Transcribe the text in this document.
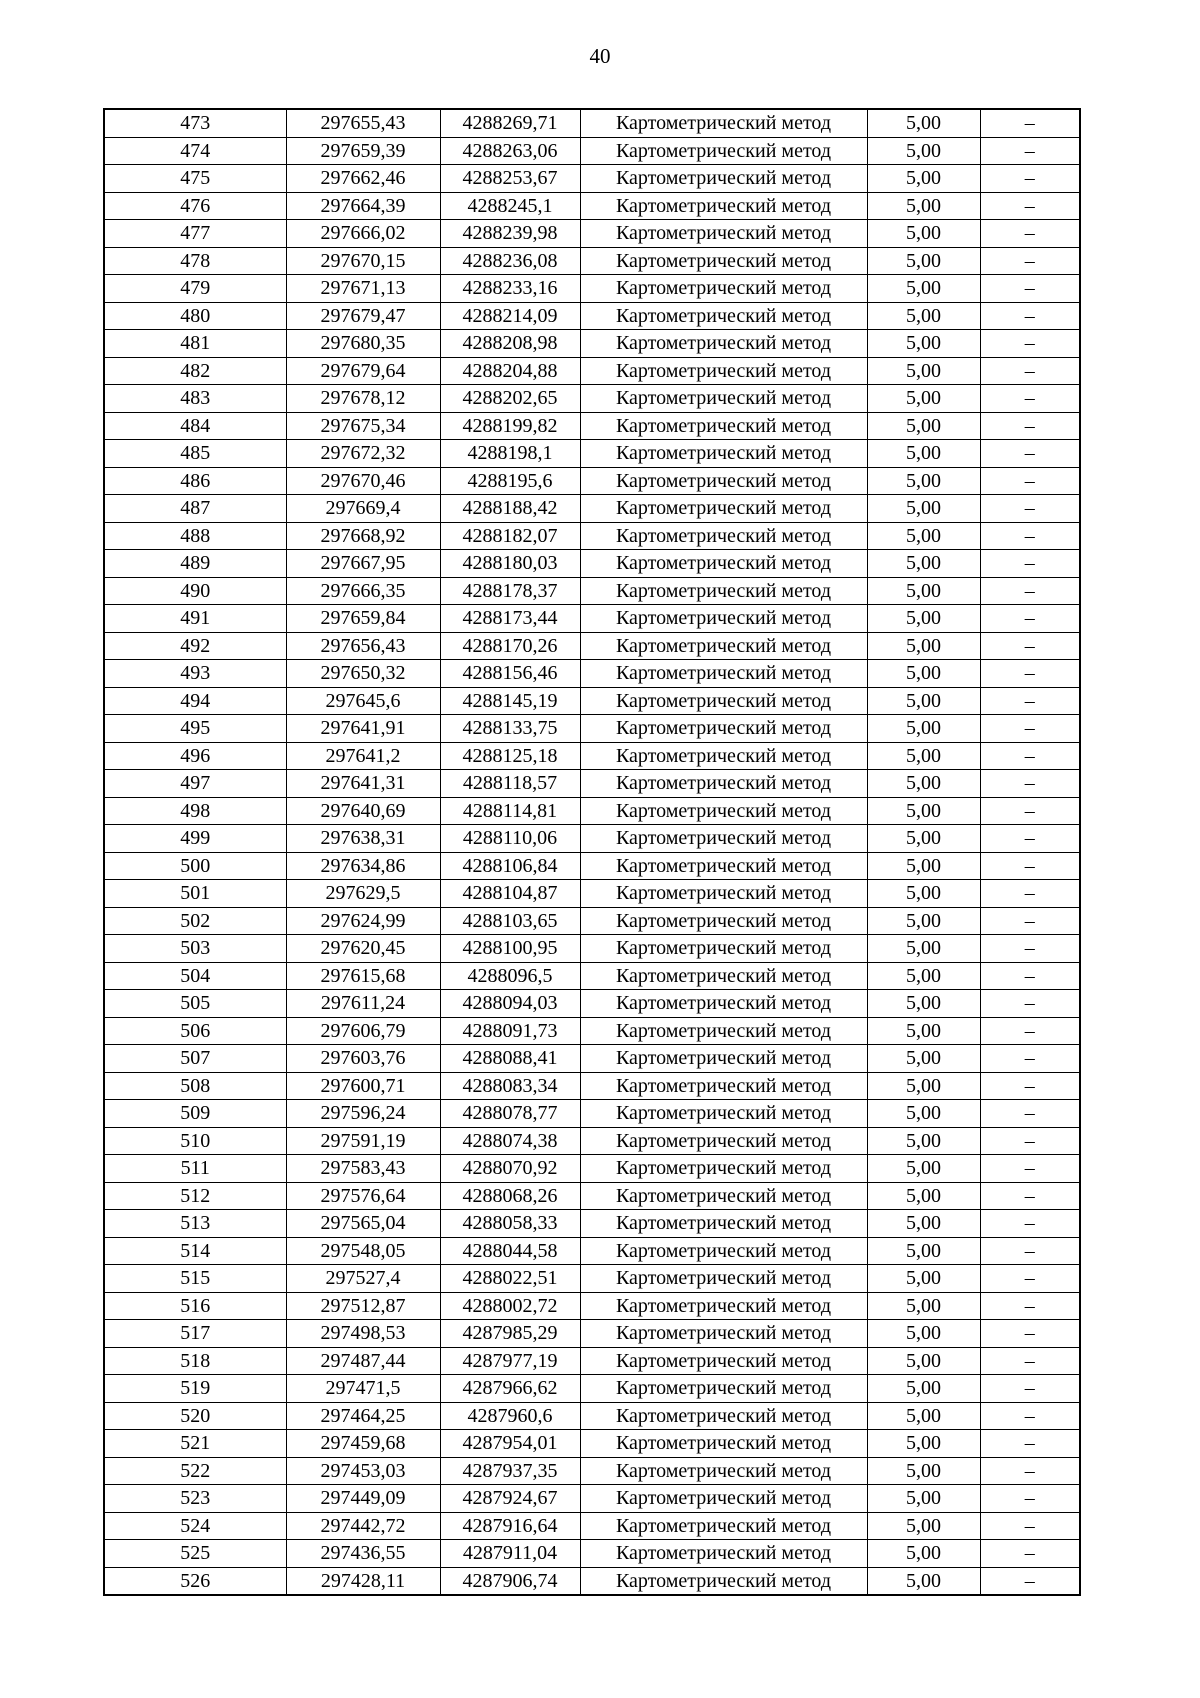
40
473	297655,43	4288269,71	Картометрический метод	5,00	–
474	297659,39	4288263,06	Картометрический метод	5,00	–
475	297662,46	4288253,67	Картометрический метод	5,00	–
476	297664,39	4288245,1	Картометрический метод	5,00	–
477	297666,02	4288239,98	Картометрический метод	5,00	–
478	297670,15	4288236,08	Картометрический метод	5,00	–
479	297671,13	4288233,16	Картометрический метод	5,00	–
480	297679,47	4288214,09	Картометрический метод	5,00	–
481	297680,35	4288208,98	Картометрический метод	5,00	–
482	297679,64	4288204,88	Картометрический метод	5,00	–
483	297678,12	4288202,65	Картометрический метод	5,00	–
484	297675,34	4288199,82	Картометрический метод	5,00	–
485	297672,32	4288198,1	Картометрический метод	5,00	–
486	297670,46	4288195,6	Картометрический метод	5,00	–
487	297669,4	4288188,42	Картометрический метод	5,00	–
488	297668,92	4288182,07	Картометрический метод	5,00	–
489	297667,95	4288180,03	Картометрический метод	5,00	–
490	297666,35	4288178,37	Картометрический метод	5,00	–
491	297659,84	4288173,44	Картометрический метод	5,00	–
492	297656,43	4288170,26	Картометрический метод	5,00	–
493	297650,32	4288156,46	Картометрический метод	5,00	–
494	297645,6	4288145,19	Картометрический метод	5,00	–
495	297641,91	4288133,75	Картометрический метод	5,00	–
496	297641,2	4288125,18	Картометрический метод	5,00	–
497	297641,31	4288118,57	Картометрический метод	5,00	–
498	297640,69	4288114,81	Картометрический метод	5,00	–
499	297638,31	4288110,06	Картометрический метод	5,00	–
500	297634,86	4288106,84	Картометрический метод	5,00	–
501	297629,5	4288104,87	Картометрический метод	5,00	–
502	297624,99	4288103,65	Картометрический метод	5,00	–
503	297620,45	4288100,95	Картометрический метод	5,00	–
504	297615,68	4288096,5	Картометрический метод	5,00	–
505	297611,24	4288094,03	Картометрический метод	5,00	–
506	297606,79	4288091,73	Картометрический метод	5,00	–
507	297603,76	4288088,41	Картометрический метод	5,00	–
508	297600,71	4288083,34	Картометрический метод	5,00	–
509	297596,24	4288078,77	Картометрический метод	5,00	–
510	297591,19	4288074,38	Картометрический метод	5,00	–
511	297583,43	4288070,92	Картометрический метод	5,00	–
512	297576,64	4288068,26	Картометрический метод	5,00	–
513	297565,04	4288058,33	Картометрический метод	5,00	–
514	297548,05	4288044,58	Картометрический метод	5,00	–
515	297527,4	4288022,51	Картометрический метод	5,00	–
516	297512,87	4288002,72	Картометрический метод	5,00	–
517	297498,53	4287985,29	Картометрический метод	5,00	–
518	297487,44	4287977,19	Картометрический метод	5,00	–
519	297471,5	4287966,62	Картометрический метод	5,00	–
520	297464,25	4287960,6	Картометрический метод	5,00	–
521	297459,68	4287954,01	Картометрический метод	5,00	–
522	297453,03	4287937,35	Картометрический метод	5,00	–
523	297449,09	4287924,67	Картометрический метод	5,00	–
524	297442,72	4287916,64	Картометрический метод	5,00	–
525	297436,55	4287911,04	Картометрический метод	5,00	–
526	297428,11	4287906,74	Картометрический метод	5,00	–
